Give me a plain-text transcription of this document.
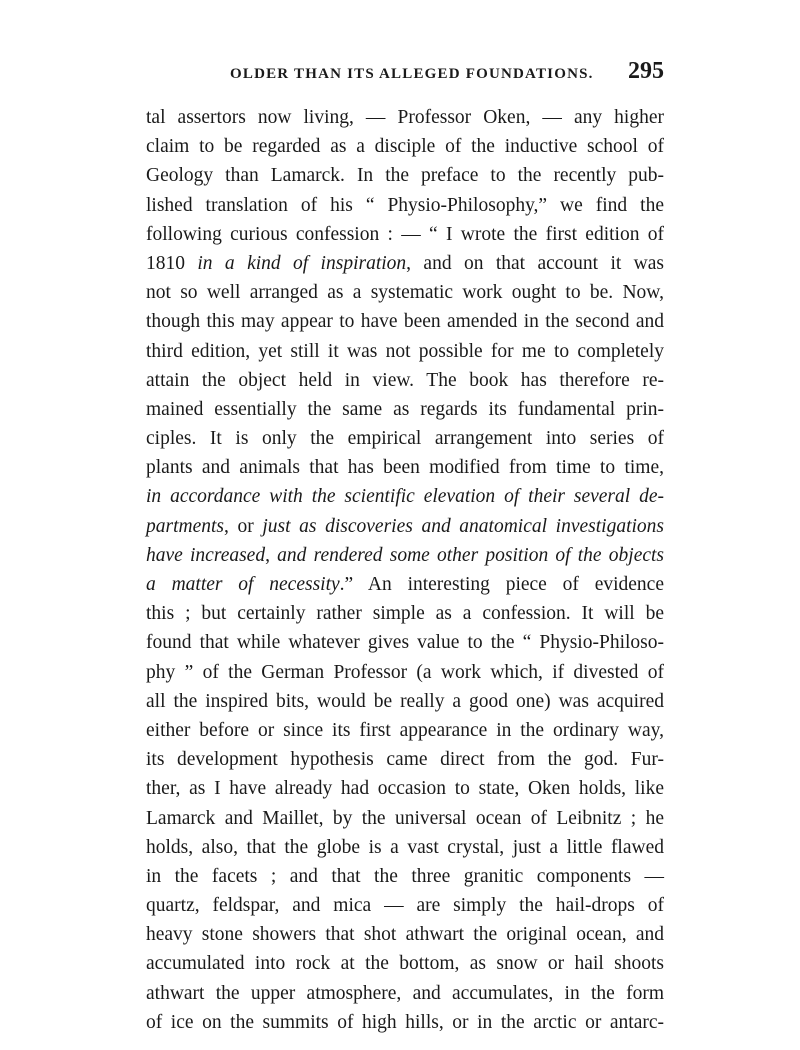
OLDER THAN ITS ALLEGED FOUNDATIONS. 295
tal assertors now living, — Professor Oken, — any higher
claim to be regarded as a disciple of the inductive school of
Geology than Lamarck. In the preface to the recently pub-
lished translation of his “ Physio-Philosophy,” we find the
following curious confession : — “ I wrote the first edition of
1810 in a kind of inspiration, and on that account it was
not so well arranged as a systematic work ought to be. Now,
though this may appear to have been amended in the second and
third edition, yet still it was not possible for me to completely
attain the object held in view. The book has therefore re-
mained essentially the same as regards its fundamental prin-
ciples. It is only the empirical arrangement into series of
plants and animals that has been modified from time to time,
in accordance with the scientific elevation of their several de-
partments, or just as discoveries and anatomical investigations
have increased, and rendered some other position of the objects
a matter of necessity.” An interesting piece of evidence
this ; but certainly rather simple as a confession. It will be
found that while whatever gives value to the “ Physio-Philoso-
phy ” of the German Professor (a work which, if divested of
all the inspired bits, would be really a good one) was acquired
either before or since its first appearance in the ordinary way,
its development hypothesis came direct from the god. Fur-
ther, as I have already had occasion to state, Oken holds, like
Lamarck and Maillet, by the universal ocean of Leibnitz ; he
holds, also, that the globe is a vast crystal, just a little flawed
in the facets ; and that the three granitic components —
quartz, feldspar, and mica — are simply the hail-drops of
heavy stone showers that shot athwart the original ocean, and
accumulated into rock at the bottom, as snow or hail shoots
athwart the upper atmosphere, and accumulates, in the form
of ice on the summits of high hills, or in the arctic or antarc-
